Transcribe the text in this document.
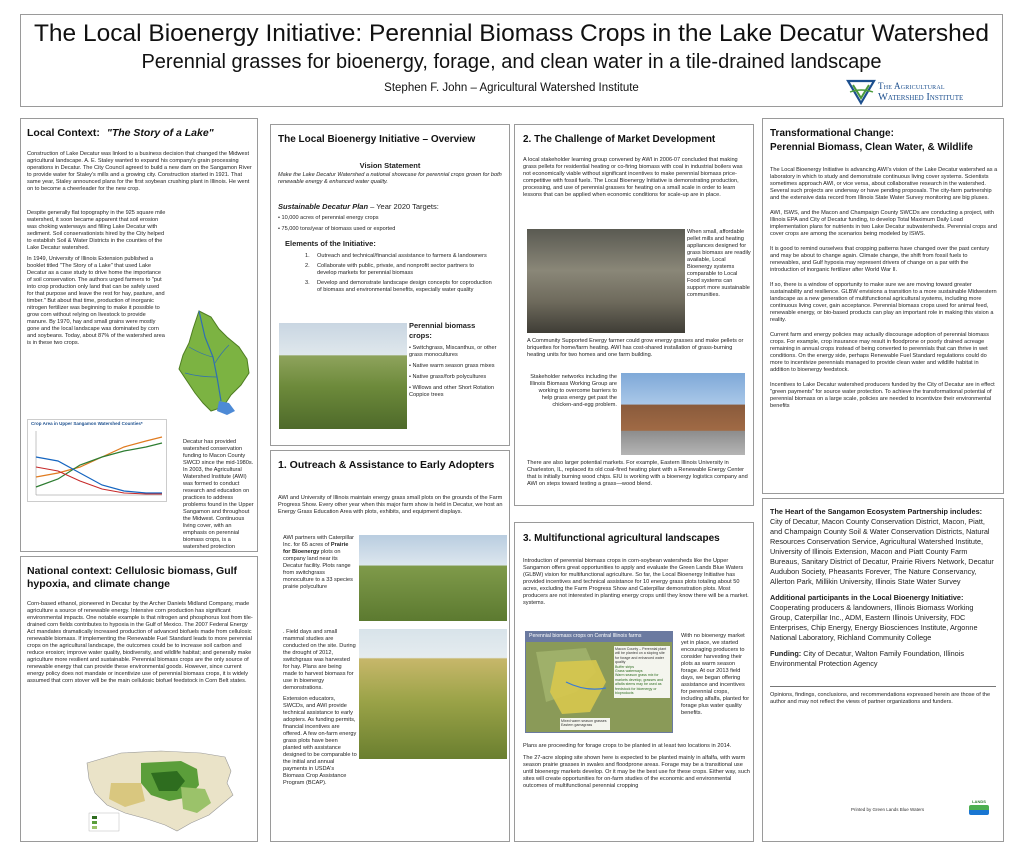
The Local Bioenergy Initiative: Perennial Biomass Crops in the Lake Decatur Watershed
Perennial grasses for bioenergy, forage, and clean water in a tile-drained landscape
Stephen F. John – Agricultural Watershed Institute	The Agricultural
Watershed Institute
Local Context: "The Story of a Lake"

Construction of Lake Decatur was linked to a business decision that changed the Midwest agricultural landscape. A. E. Staley wanted to expand his company's grain processing operations in Decatur. The City Council agreed to build a new dam on the Sangamon River to provide water for Staley's mills and a growing city. Construction started in 1921. That same year, Staley announced plans for the first soybean crushing plant in Illinois. He went on to become a cheerleader for the new crop.

Despite generally flat topography in the 925 square mile watershed, it soon became apparent that soil erosion was choking waterways and filling Lake Decatur with sediment. Soil conservationists hired by the City helped to establish Soil & Water Districts in the counties of the Lake Decatur watershed.

In 1949, University of Illinois Extension published a booklet titled "The Story of a Lake" that used Lake Decatur as a case study to drive home the importance of soil conservation. The authors urged farmers to "put into crop production only land that can be safely used for that purpose and leave the rest for hay, pasture, and timber." But about that time, production of inorganic nitrogen fertilizer was beginning to make it possible to grow corn without relying on livestock to provide manure. By 1970, hay and small grains were mostly gone and the local landscape was dominated by corn and soybeans. Today, about 87% of the watershed area is in these two crops.

Crop Area in Upper Sangamon Watershed Counties*

Decatur has provided watershed conservation funding to Macon County SWCD since the mid-1980s. In 2003, the Agricultural Watershed Institute (AWI) was formed to conduct research and education on practices to address problems found in the Upper Sangamon and throughout the Midwest. Continuous living cover, with an emphasis on perennial biomass crops, is a watershed protection

National context: Cellulosic biomass, Gulf hypoxia, and climate change

Corn-based ethanol, pioneered in Decatur by the Archer Daniels Midland Company, made agriculture a source of renewable energy. Intensive corn production has significant environmental impacts. One notable example is that nitrogen and phosphorus lost from tile-drained corn fields contributes to hypoxia in the Gulf of Mexico. The 2007 Federal Energy Act mandates dramatically increased production of advanced biofuels made from cellulosic renewable biomass. If implementing the Renewable Fuel Standard leads to more perennial crops on the agricultural landscape, the outcomes could be to increase soil carbon and reduce erosion; improve water quality, biodiversity, and wildlife habitat; and generally make agriculture more resilient and sustainable. Perennial biomass crops are the only source of renewable energy that can provide these environmental goods. However, since current energy policy does not mandate or incentivize use of perennial biomass crops, it is widely assumed that corn stover will be the main cellulosic biofuel feedstock in Corn Belt states.

The Local Bioenergy Initiative – Overview
Vision Statement
Make the Lake Decatur Watershed a national showcase for perennial crops grown for both renewable energy & enhanced water quality.
Sustainable Decatur Plan – Year 2020 Targets:
• 10,000 acres of perennial energy crops
• 75,000 tons/year of biomass used or exported
Elements of the Initiative:
1. Outreach and technical/financial assistance to farmers & landowners
2. Collaborate with public, private, and nonprofit sector partners to develop markets for perennial biomass
3. Develop and demonstrate landscape design concepts for coproduction of biomass and environmental benefits, especially water quality
Perennial biomass crops:
• Switchgrass, Miscanthus, or other grass monocultures
• Native warm season grass mixes
• Native grass/forb polycultures
• Willows and other Short Rotation Coppice trees
1. Outreach & Assistance to Early Adopters
AWI and University of Illinois maintain energy grass small plots on the grounds of the Farm Progress Show. Every other year when this major farm show is held in Decatur, we host an Energy Grass Education Area with plots, exhibits, and equipment displays.
AWI partners with Caterpillar Inc. for 65 acres of Prairie for Bioenergy plots on company land near its Decatur facility. Plots range from switchgrass monoculture to a 33 species prairie polyculture

. Field days and small mammal studies are conducted on the site. During the drought of 2012, switchgrass was harvested for hay. Plans are being made to harvest biomass for use in bioenergy demonstrations.

Extension educators, SWCDs, and AWI provide technical assistance to early adopters. As funding permits, financial incentives are offered. A few on-farm energy grass plots have been planted with assistance designed to be comparable to the initial and annual payments in USDA's Biomass Crop Assistance Program (BCAP).

2. The Challenge of Market Development
A local stakeholder learning group convened by AWI in 2006-07 concluded that making grass pellets for residential heating or co-firing biomass with coal in industrial boilers was not economically viable without significant incentives to make perennial biomass price-competitive with fossil fuels. The Local Bioenergy Initiative is demonstrating production, processing, and use of perennial grasses for heating on a small scale in order to learn lessons that can be applied when economic conditions for scale-up are in place.
When small, affordable pellet mills and heating appliances designed for grass biomass are readily available, Local Bioenergy systems comparable to Local Food systems can support more sustainable communities.
A Community Supported Energy farmer could grow energy grasses and make pellets or briquettes for home/farm heating. AWI has cost-shared installation of grass-burning heating units for two homes and one farm building.
Stakeholder networks including the Illinois Biomass Working Group are working to overcome barriers to help grass energy get past the chicken-and-egg problem.
There are also larger potential markets. For example, Eastern Illinois University in Charleston, IL, replaced its old coal-fired heating plant with a Renewable Energy Center that is initially burning wood chips. EIU is working with a bioenergy logistics company and AWI on steps toward testing a grass—wood blend.
3. Multifunctional agricultural landscapes

Introduction of perennial biomass crops in corn-soybean watersheds like the Upper Sangamon offers great opportunities to apply and evaluate the Green Lands Blue Waters (GLBW) vision for multifunctional agriculture. So far, the Local Bioenergy Initiative has provided incentives and technical assistance for 10 energy grass plots totaling about 50 acres, excluding the Farm Progress Show and Caterpillar demonstration plots. Most producers are not interested in planting energy crops until they know there will be a market.

systems.

Perennial biomass crops on Central Illinois farms
Macon County – Perennial plant will be planted on a sloping site for forage and enhanced water quality
Buffer strips
Grass waterways
Warm season grass mix for markets develop, grasses and alfalfa stems may be used as feedstock for bioenergy or bioproducts
Mixed warm season grasses Eastern gamagrass
With no bioenergy market yet in place, we started encouraging producers to consider harvesting their plots as warm season forage. At our 2013 field days, we began offering assistance and incentives for perennial crops, including alfalfa, planted for forage plus water quality benefits.

Plans are proceeding for forage crops to be planted in at least two locations in 2014.

The 27-acre sloping site shown here is expected to be planted mainly in alfalfa, with warm season prairie grasses in swales and floodprone areas. Forage may be a transitional use until bioenergy markets develop. Or it may be the best use for these crops. Either way, such sites will create opportunities for on-farm studies of the economic and environmental outcomes of multifunctional perennial cropping

Transformational Change:
Perennial Biomass, Clean Water, & Wildlife

The Local Bioenergy Initiative is advancing AWI's vision of the Lake Decatur watershed as a laboratory in which to study and demonstrate continuous living cover systems. Scientists sometimes approach AWI, or vice versa, about collaborative research in the watershed. Several such projects are underway or have pending proposals. The city-farm partnership and the extensive data record from Illinois State Water Survey monitoring are big pluses.

AWI, ISWS, and the Macon and Champaign County SWCDs are conducting a project, with Illinois EPA and City of Decatur funding, to develop Total Maximum Daily Load implementation plans for nutrients in two Lake Decatur subwatersheds. Perennial crops and cover crops are among the scenarios being modeled by ISWS.

It is good to remind ourselves that cropping patterns have changed over the past century and may be about to change again. Climate change, the shift from fossil fuels to renewables, and Gulf hypoxia may represent drivers of change on a par with the introduction of inorganic fertilizer after World War II.

If so, there is a window of opportunity to make sure we are moving toward greater sustainability and resilience. GLBW envisions a transition to a more sustainable Midwestern landscape as a new generation of multifunctional agricultural systems, including more continuous living cover, gain acceptance. Perennial biomass crops used for animal feed, renewable energy, or bio-based products can play an important role in making this vision a reality.

Current farm and energy policies may actually discourage adoption of perennial biomass crops. For example, crop insurance may result in floodprone or poorly drained acreage remaining in annual crops instead of being converted to perennials that can thrive in wet conditions. On the energy side, perhaps Renewable Fuel Standard regulations could do more to incentivize perennials managed to provide clean water and wildlife habitat in addition to bioenergy feedstock.

Incentives to Lake Decatur watershed producers funded by the City of Decatur are in effect "green payments" for source water protection. To achieve the transformational potential of perennial biomass on a large scale, policies are needed to incentivize their environmental benefits

The Heart of the Sangamon Ecosystem Partnership includes: City of Decatur, Macon County Conservation District, Macon, Piatt, and Champaign County Soil & Water Conservation Districts, Natural Resources Conservation Service, Agricultural Watershed Institute, University of Illinois Extension, Macon and Piatt County Farm Bureaus, Sanitary District of Decatur, Prairie Rivers Network, Decatur Audubon Society, Pheasants Forever, The Nature Conservancy, Allerton Park, Millikin University, Illinois State Water Survey

Additional participants in the Local Bioenergy Initiative: Cooperating producers & landowners, Illinois Biomass Working Group, Caterpillar Inc., ADM, Eastern Illinois University, FDC Enterprises, Chip Energy, Energy Biosciences Institute, Argonne National Laboratory, Richland Community College

Funding: City of Decatur, Walton Family Foundation, Illinois Environmental Protection Agency

Opinions, findings, conclusions, and recommendations expressed herein are those of the author and may not reflect the views of partner organizations and funders.
Printed by Green Lands Blue Waters
LANDS
